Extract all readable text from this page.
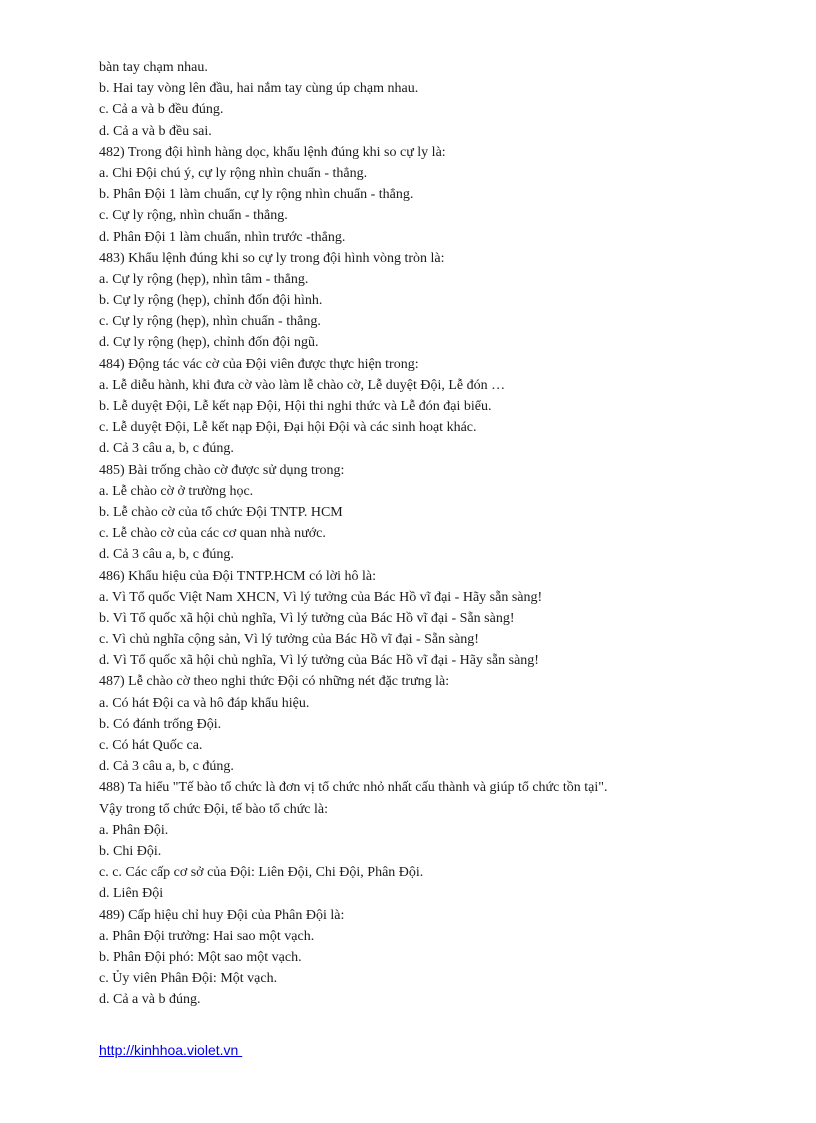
bàn tay chạm nhau.
b. Hai tay vòng lên đầu, hai nắm tay cùng úp chạm nhau.
c. Cả a và b đều đúng.
d. Cả a và b đều sai.
482) Trong đội hình hàng dọc, khẩu lệnh đúng khi so cự ly là:
a. Chi Đội chú ý, cự ly rộng nhìn chuẩn - thẳng.
b. Phân Đội 1 làm chuẩn, cự ly rộng nhìn chuẩn - thẳng.
c. Cự ly rộng, nhìn chuẩn - thẳng.
d. Phân Đội 1 làm chuẩn, nhìn trước -thẳng.
483) Khẩu lệnh đúng khi so cự ly trong đội hình vòng tròn là:
a. Cự ly rộng (hẹp), nhìn tâm - thẳng.
b. Cự ly rộng (hẹp), chỉnh đốn đội hình.
c. Cự ly rộng (hẹp), nhìn chuẩn - thẳng.
d. Cự ly rộng (hẹp), chỉnh đốn đội ngũ.
484) Động tác vác cờ của Đội viên được thực hiện trong:
a. Lễ diễu hành, khi đưa cờ vào làm lễ chào cờ, Lễ duyệt Đội, Lễ đón …
b. Lễ duyệt Đội, Lễ kết nạp Đội, Hội thi nghi thức và Lễ đón đại biểu.
c. Lễ duyệt Đội, Lễ kết nạp Đội, Đại hội Đội và các sinh hoạt khác.
d. Cả 3 câu a, b, c đúng.
485) Bài trống chào cờ được sử dụng trong:
a. Lễ chào cờ ở trường học.
b. Lễ chào cờ của tổ chức Đội TNTP. HCM
c. Lễ chào cờ của các cơ quan nhà nước.
d. Cả 3 câu a, b, c đúng.
486) Khẩu hiệu của Đội TNTP.HCM có lời hô là:
a. Vì Tổ quốc Việt Nam XHCN, Vì lý tưởng của Bác Hồ vĩ đại - Hãy sẵn sàng!
b. Vì Tổ quốc xã hội chủ nghĩa, Vì lý tưởng của Bác Hồ vĩ đại - Sẵn sàng!
c. Vì chủ nghĩa cộng sản, Vì lý tưởng của Bác Hồ vĩ đại - Sẵn sàng!
d. Vì Tổ quốc xã hội chủ nghĩa, Vì lý tưởng của Bác Hồ vĩ đại - Hãy sẵn sàng!
487) Lễ chào cờ theo nghi thức Đội có những nét đặc trưng là:
a. Có hát Đội ca và hô đáp khẩu hiệu.
b. Có đánh trống Đội.
c. Có hát Quốc ca.
d. Cả 3 câu a, b, c đúng.
488) Ta hiểu "Tế bào tổ chức là đơn vị tổ chức nhỏ nhất cấu thành và giúp tổ chức tồn tại".
Vậy trong tổ chức Đội, tế bào tổ chức là:
a. Phân Đội.
b. Chi Đội.
c. c. Các cấp cơ sở của Đội: Liên Đội, Chi Đội, Phân Đội.
d. Liên Đội
489) Cấp hiệu chỉ huy Đội của Phân Đội là:
a. Phân Đội trưởng: Hai sao một vạch.
b. Phân Đội phó: Một sao một vạch.
c. Ủy viên Phân Đội: Một vạch.
d. Cả a và b đúng.
http://kinhhoa.violet.vn
